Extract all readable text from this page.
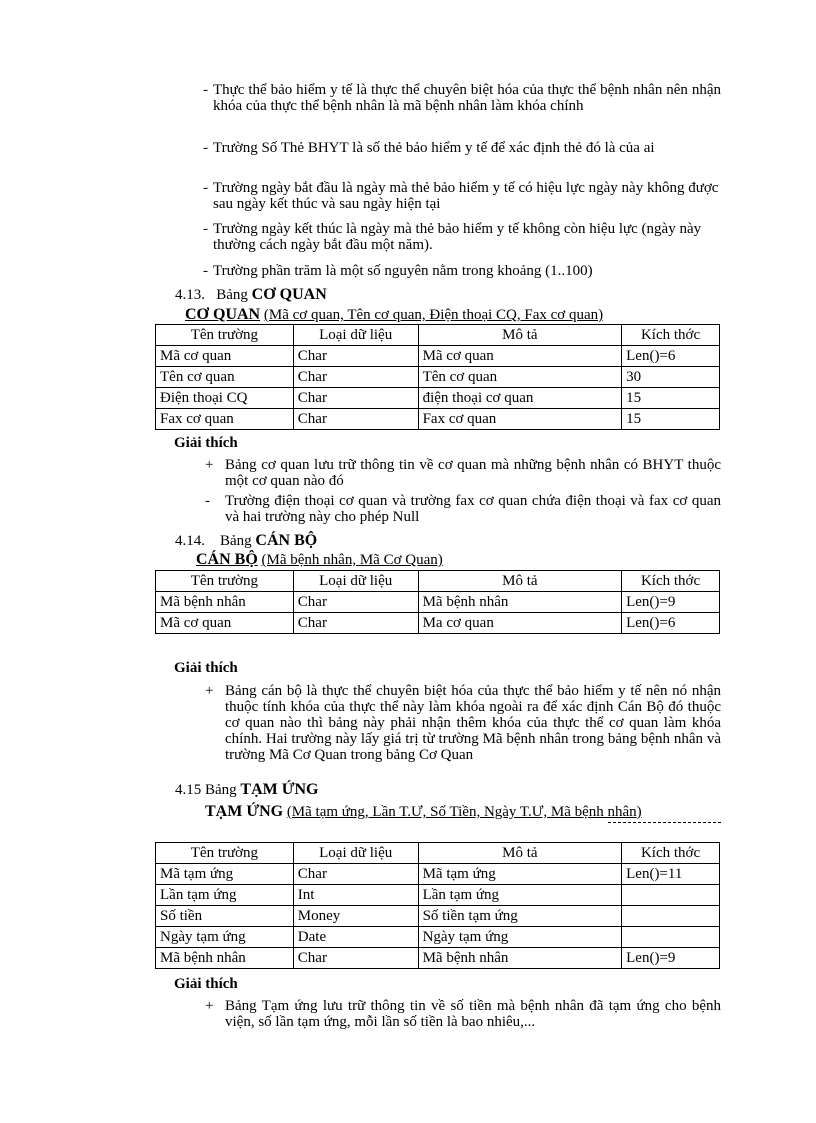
- Thực thể bảo hiểm y tế là thực thể chuyên biệt hóa của thực thể bệnh nhân nên nhận khóa của thực thể bệnh nhân là mã bệnh nhân làm khóa chính
- Trường Số Thẻ BHYT là số thẻ bảo hiểm y tế để xác định thẻ đó là của ai
- Trường ngày bắt đầu là ngày mà thẻ bảo hiểm y tế có hiệu lực ngày này không được sau ngày kết thúc và sau ngày hiện tại
- Trường ngày kết thúc là ngày mà thẻ bảo hiểm y tế không còn hiệu lực (ngày này thường cách ngày bắt đầu một năm).
- Trường phần trăm là một số nguyên nằm trong khoảng (1..100)
4.13. Bảng CƠ QUAN
CƠ QUAN (Mã cơ quan, Tên cơ quan, Điện thoại CQ, Fax cơ quan)
Tên trường	Loại dữ liệu	Mô tả	Kích thớc
Mã cơ quan	Char	Mã cơ quan	Len()=6
Tên cơ quan	Char	Tên cơ quan	30
Điện thoại CQ	Char	điện thoại cơ quan	15
Fax cơ quan	Char	Fax cơ quan	15
Giải thích
+ Bảng cơ quan lưu trữ thông tin về cơ quan mà những bệnh nhân có BHYT thuộc một cơ quan nào đó
-	Trường điện thoại cơ quan và trường fax cơ quan chứa điện thoại và fax cơ quan và hai trường này cho phép Null
4.14. Bảng CÁN BỘ
CÁN BỘ (Mã bệnh nhân, Mã Cơ Quan)
Tên trường	Loại dữ liệu	Mô tả	Kích thớc
Mã bệnh nhân	Char	Mã bệnh nhân	Len()=9
Mã cơ quan	Char	Ma cơ quan	Len()=6
Giải thích
+ Bảng cán bộ là thực thể chuyên biệt hóa của thực thể bảo hiểm y tế nên nó nhận thuộc tính khóa của thực thể này làm khóa ngoài ra để xác định Cán Bộ đó thuộc cơ quan nào thì bảng này phải nhận thêm khóa của thực thể cơ quan làm khóa chính. Hai trường này lấy giá trị từ trường Mã bệnh nhân trong bảng bệnh nhân và trường Mã Cơ Quan trong bảng Cơ Quan
4.15 Bảng TẠM ỨNG
TẠM ỨNG (Mã tạm ứng, Lần T.Ư, Số Tiền, Ngày T.Ư, Mã bệnh nhân)
Tên trường	Loại dữ liệu	Mô tả	Kích thớc
Mã tạm ứng	Char	Mã tạm ứng	Len()=11
Lần tạm ứng	Int	Lần tạm ứng	
Số tiền	Money	Số tiền tạm ứng	
Ngày tạm ứng	Date	Ngày tạm ứng	
Mã bệnh nhân	Char	Mã bệnh nhân	Len()=9
Giải thích
+ Bảng Tạm ứng lưu trữ thông tin về số tiền mà bệnh nhân đã tạm ứng cho bệnh viện, số lần tạm ứng, mỗi lần số tiền là bao nhiêu,...
